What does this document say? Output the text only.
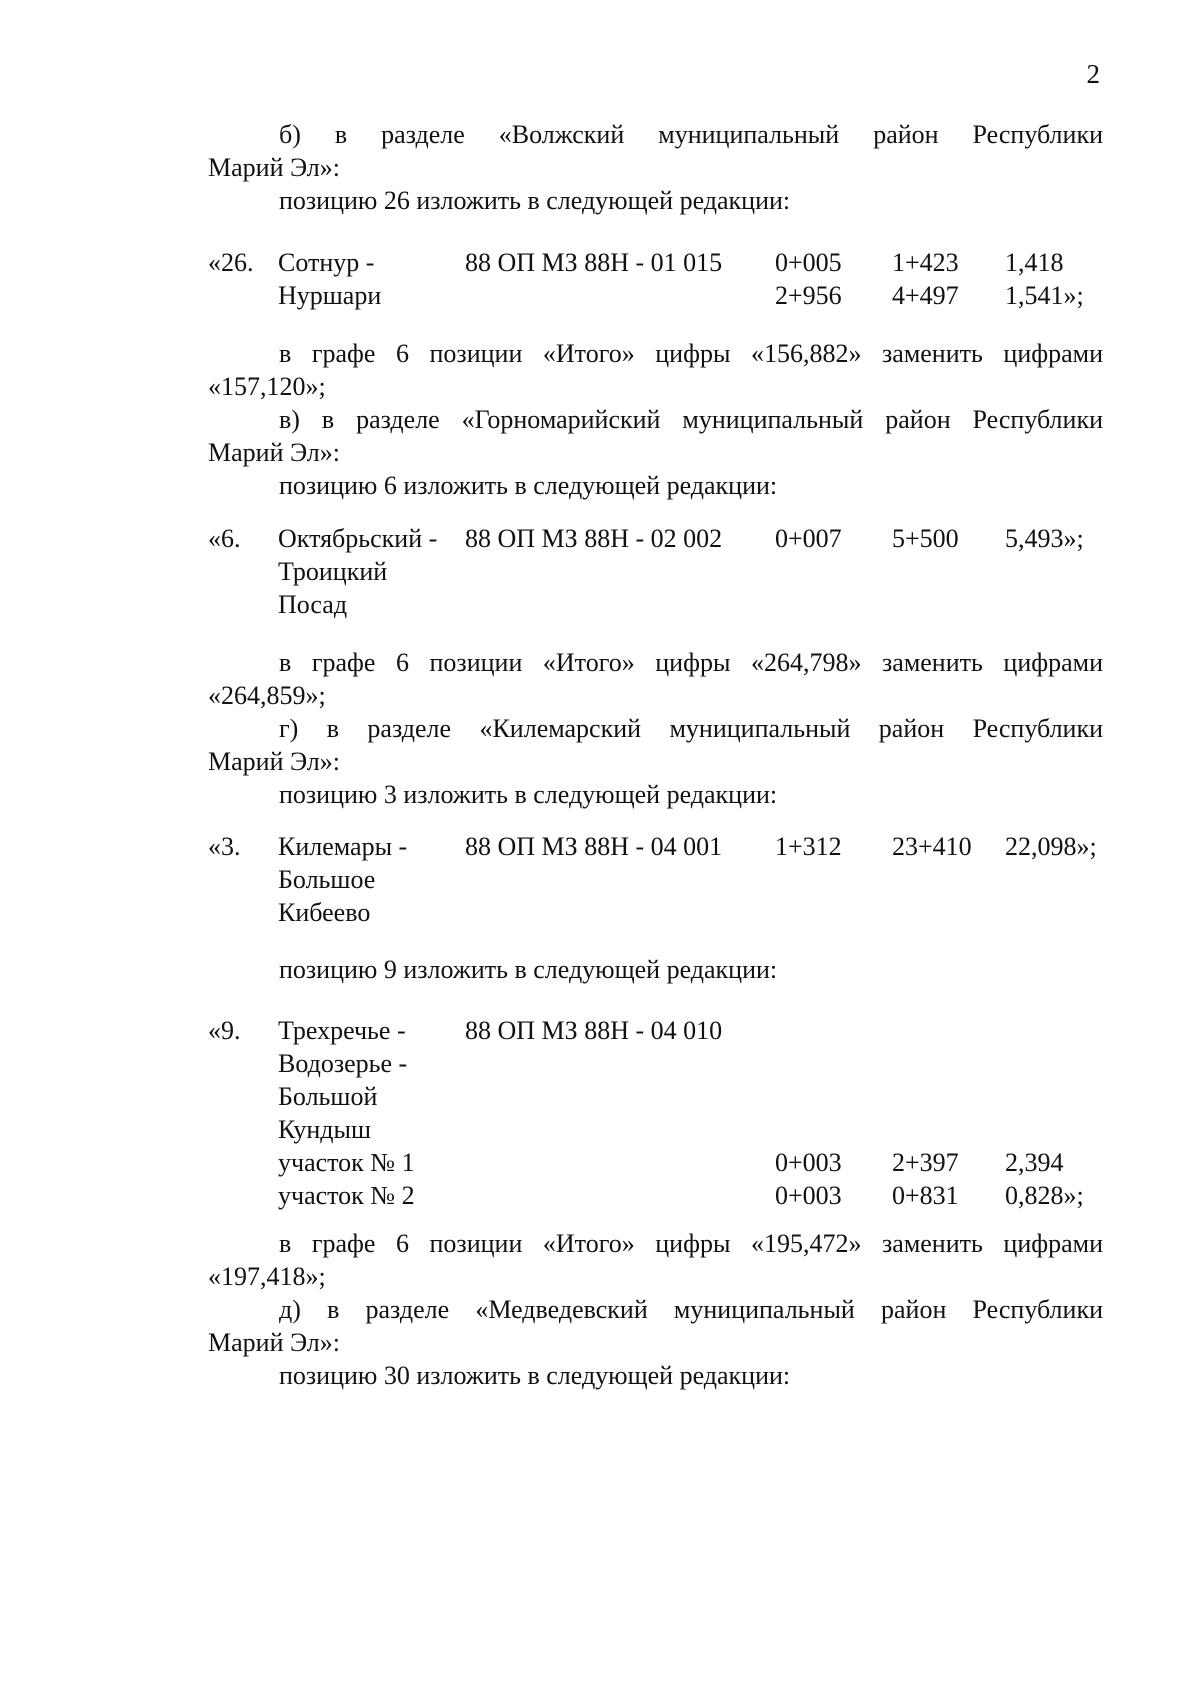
2

б) в разделе «Волжский муниципальный район Республики

Марий Эл»:

позицию 26 изложить в следующей редакции:

«26. Сотнур -	88 ОП МЗ 88Н - 01 015 0+005 1+423 1,418
Нуршари	2+956 4+497 1,541»;

в графе 6 позиции «Итого» цифры «156,882» заменить цифрами

«157,120»;

в) в разделе «Горномарийский муниципальный район Республики

Марий Эл»:

позицию 6 изложить в следующей редакции:

«6. Октябрьский - 88 ОП МЗ 88Н - 02 002 0+007 5+500 5,493»;
Троицкий
Посад

в графе 6 позиции «Итого» цифры «264,798» заменить цифрами

«264,859»;

г) в разделе «Килемарский муниципальный район Республики

Марий Эл»:

позицию 3 изложить в следующей редакции:

«3. Килемары - 88 ОП МЗ 88Н - 04 001 1+312 23+410 22,098»;
Большое
Кибеево

позицию 9 изложить в следующей редакции:

«9. Трехречье - 88 ОП МЗ 88Н - 04 010
Водозерье -
Большой
Кундыш
участок № 1	0+003 2+397 2,394
участок № 2	0+003 0+831 0,828»;

в графе 6 позиции «Итого» цифры «195,472» заменить цифрами

«197,418»;

д) в разделе «Медведевский муниципальный район Республики

Марий Эл»:

позицию 30 изложить в следующей редакции:
